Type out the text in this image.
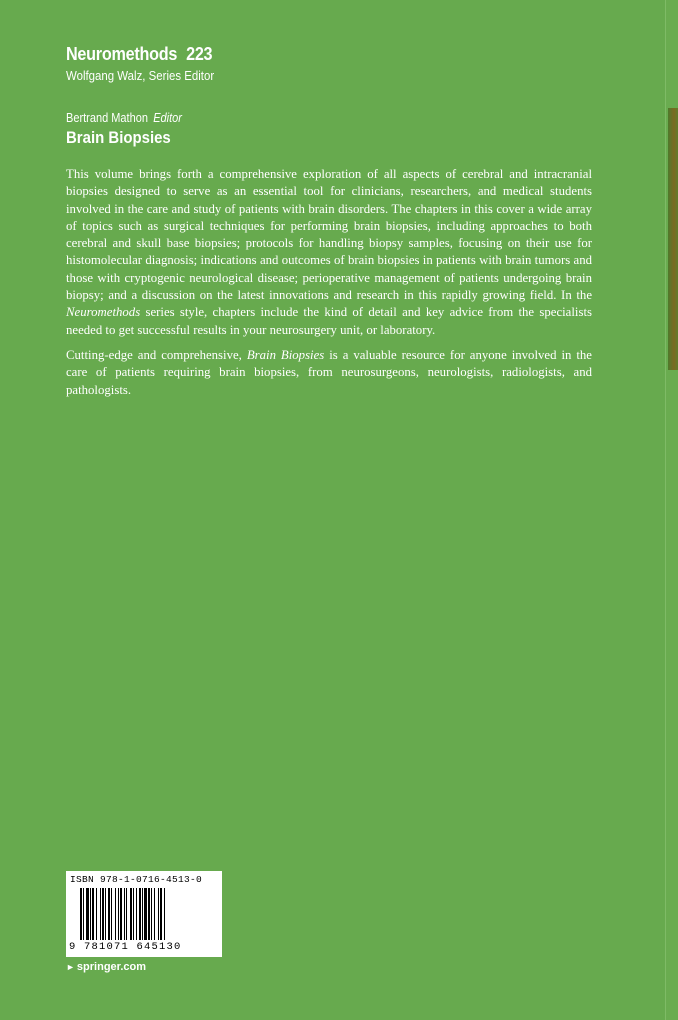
Neuromethods 223
Wolfgang Walz, Series Editor
Bertrand Mathon Editor
Brain Biopsies

This volume brings forth a comprehensive exploration of all aspects of cerebral and intracranial biopsies designed to serve as an essential tool for clinicians, researchers, and medical students involved in the care and study of patients with brain disorders. The chapters in this cover a wide array of topics such as surgical techniques for performing brain biopsies, including approaches to both cerebral and skull base biopsies; protocols for handling biopsy samples, focusing on their use for histomolecular diagnosis; indications and outcomes of brain biopsies in patients with brain tumors and those with cryptogenic neurological disease; perioperative management of patients undergoing brain biopsy; and a discussion on the latest innovations and research in this rapidly growing field. In the Neuromethods series style, chapters include the kind of detail and key advice from the specialists needed to get successful results in your neurosurgery unit, or laboratory.

Cutting-edge and comprehensive, Brain Biopsies is a valuable resource for anyone involved in the care of patients requiring brain biopsies, from neurosurgeons, neurologists, radiologists, and pathologists.

ISBN 978-1-0716-4513-0
9 781071 645130
► springer.com
